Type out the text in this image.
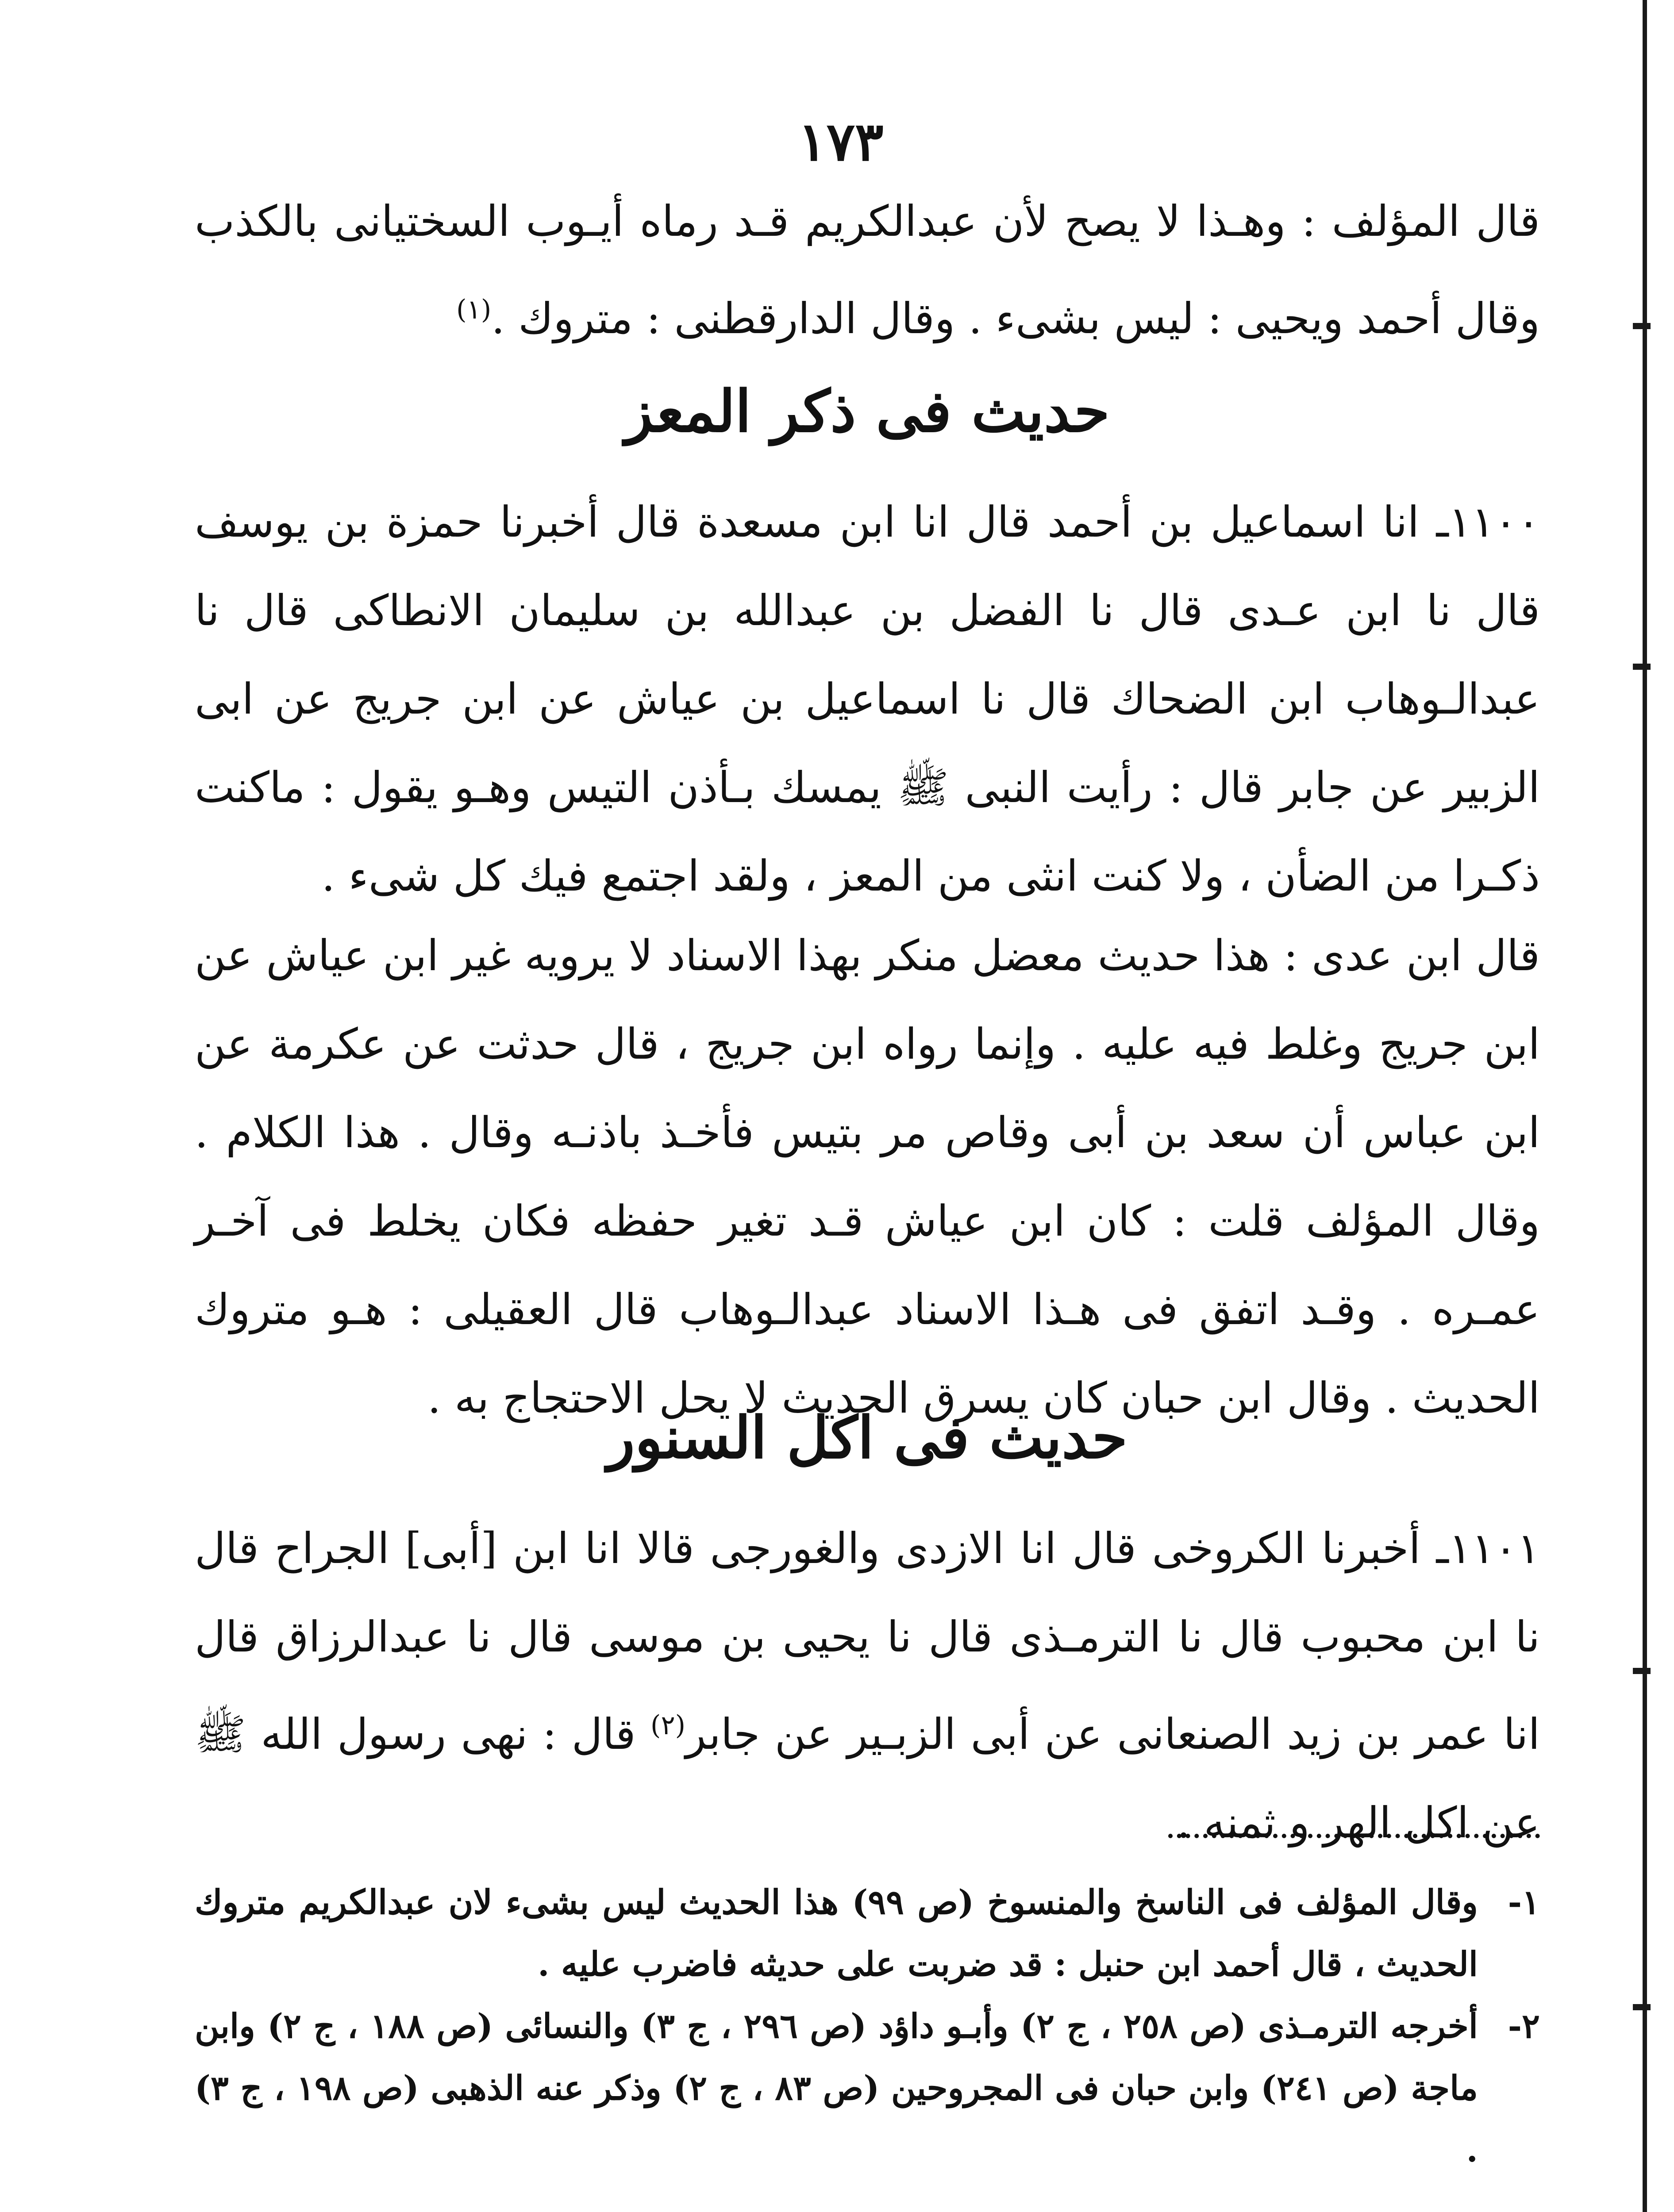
١٧٣

قال المؤلف : وهـذا لا يصح لأن عبدالكريم قـد رماه أيـوب السختيانى بالكذب وقال أحمد ويحيى : ليس بشىء . وقال الدارقطنى : متروك .$^{(١)}$

حديث فى ذكر المعز

١١٠٠ـ انا اسماعيل بن أحمد قال انا ابن مسعدة قال أخبرنا حمزة بن يوسف قال نا ابن عـدى قال نا الفضل بن عبدالله بن سليمان الانطاكى قال نا عبدالـوهاب ابن الضحاك قال نا اسماعيل بن عياش عن ابن جريج عن ابى الزبير عن جابر قال : رأيت النبى ﷺ يمسك بـأذن التيس وهـو يقول : ماكنت ذكـرا من الضأن ، ولا كنت انثى من المعز ، ولقد اجتمع فيك كل شىء .

قال ابن عدى : هذا حديث معضل منكر بهذا الاسناد لا يرويه غير ابن عياش عن ابن جريج وغلط فيه عليه . وإنما رواه ابن جريج ، قال حدثت عن عكرمة عن ابن عباس أن سعد بن أبى وقاص مر بتيس فأخـذ باذنـه وقال . هذا الكلام . وقال المؤلف قلت : كان ابن عياش قـد تغير حفظه فكان يخلط فى آخـر عمـره . وقـد اتفق فى هـذا الاسناد عبدالـوهاب قال العقيلى : هـو متروك الحديث . وقال ابن حبان كان يسرق الحديث لا يحل الاحتجاج به .

حديث فى اكل السنور

١١٠١ـ أخبرنا الكروخى قال انا الازدى والغورجى قالا انا ابن [أبى] الجراح قال نا ابن محبوب قال نا الترمـذى قال نا يحيى بن موسى قال نا عبدالرزاق قال انا عمر بن زيد الصنعانى عن أبى الزبـير عن جابر$^{(٢)}$ قال : نهى رسول الله ﷺ عن اكل الهر و ثمنه .

١-
وقال المؤلف فى الناسخ والمنسوخ (ص ٩٩) هذا الحديث ليس بشىء لان عبدالكريم متروك الحديث ، قال أحمد ابن حنبل : قد ضربت على حديثه فاضرب عليه .
٢-
أخرجه الترمـذى (ص ٢٥٨ ، ج ٢) وأبـو داؤد (ص ٢٩٦ ، ج ٣) والنسائى (ص ١٨٨ ، ج ٢) وابن ماجة (ص ٢٤١) وابن حبان فى المجروحين (ص ٨٣ ، ج ٢) وذكر عنه الذهبى (ص ١٩٨ ، ج ٣) .
